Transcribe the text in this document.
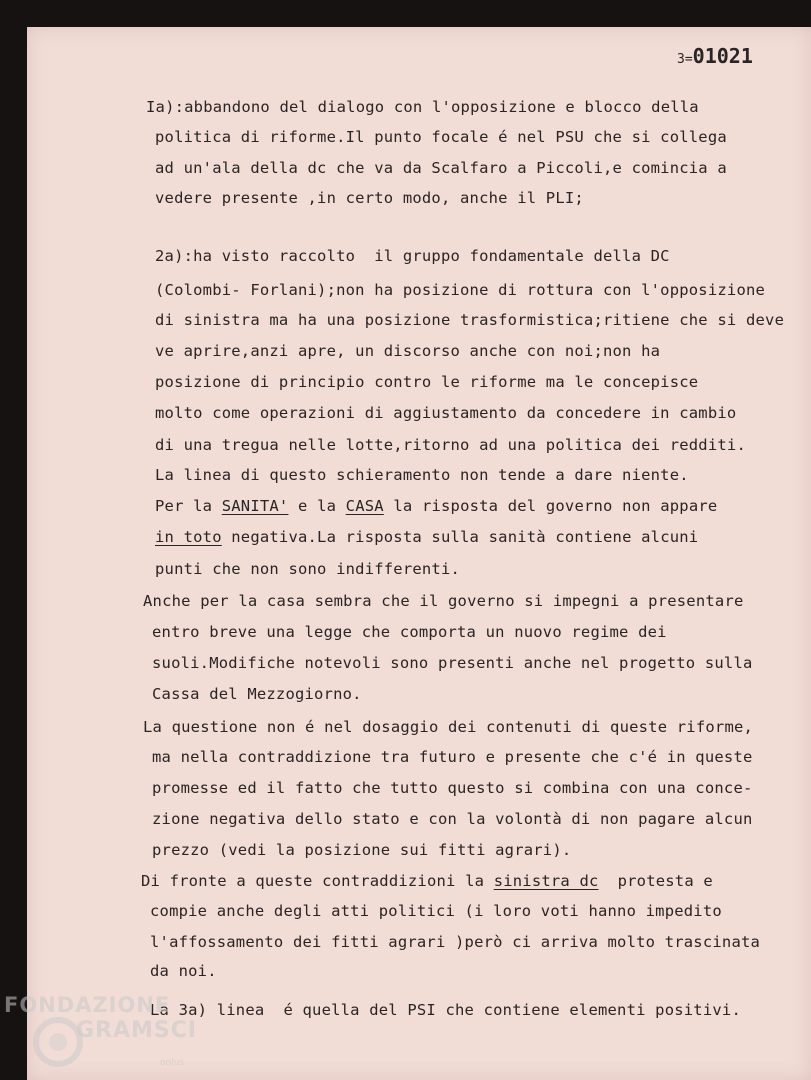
3=01021
Ia):abbandono del dialogo con l'opposizione e blocco della
politica di riforme.Il punto focale é nel PSU che si collega
ad un'ala della dc che va da Scalfaro a Piccoli,e comincia a
vedere presente ,in certo modo, anche il PLI;
2a):ha visto raccolto  il gruppo fondamentale della DC
(Colombi- Forlani);non ha posizione di rottura con l'opposizione
di sinistra ma ha una posizione trasformistica;ritiene che si deve
ve aprire,anzi apre, un discorso anche con noi;non ha
posizione di principio contro le riforme ma le concepisce
molto come operazioni di aggiustamento da concedere in cambio
di una tregua nelle lotte,ritorno ad una politica dei redditi.
La linea di questo schieramento non tende a dare niente.
Per la SANITA' e la CASA la risposta del governo non appare
in toto negativa.La risposta sulla sanità contiene alcuni
punti che non sono indifferenti.
Anche per la casa sembra che il governo si impegni a presentare
entro breve una legge che comporta un nuovo regime dei
suoli.Modifiche notevoli sono presenti anche nel progetto sulla
Cassa del Mezzogiorno.
La questione non é nel dosaggio dei contenuti di queste riforme,
ma nella contraddizione tra futuro e presente che c'é in queste
promesse ed il fatto che tutto questo si combina con una conce-
zione negativa dello stato e con la volontà di non pagare alcun
prezzo (vedi la posizione sui fitti agrari).
Di fronte a queste contraddizioni la sinistra dc  protesta e
compie anche degli atti politici (i loro voti hanno impedito
l'affossamento dei fitti agrari )però ci arriva molto trascinata
da noi.
La 3a) linea  é quella del PSI che contiene elementi positivi.
FONDAZIONE
GRAMSCI
onlus
